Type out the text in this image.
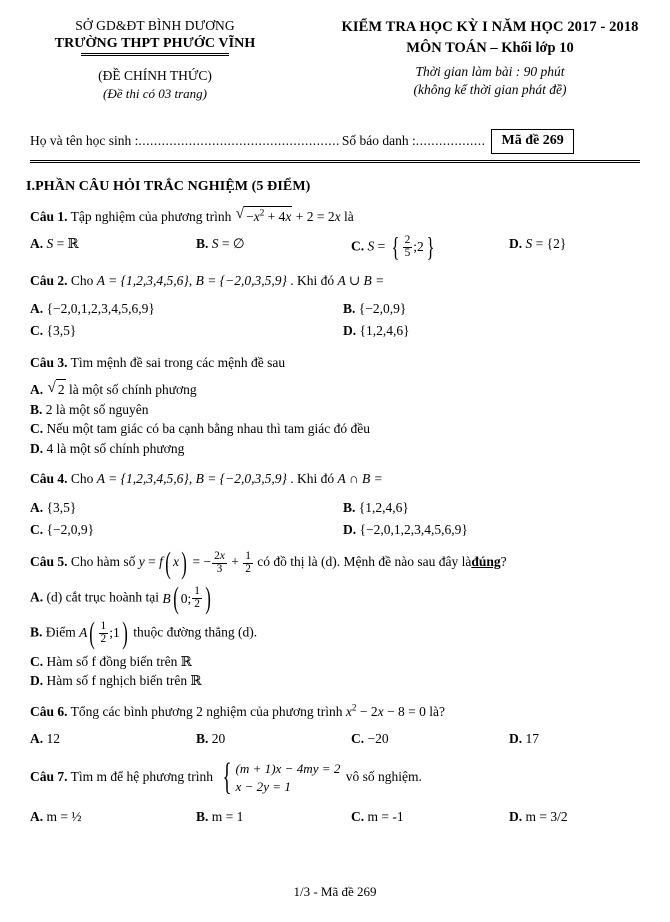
SỞ GD&ĐT BÌNH DƯƠNG
TRƯỜNG THPT PHƯỚC VĨNH
(ĐỀ CHÍNH THỨC)
(Đề thi có 03 trang)
KIỂM TRA HỌC KỲ I NĂM HỌC 2017 - 2018
MÔN TOÁN – Khối lớp 10
Thời gian làm bài : 90 phút
(không kể thời gian phát đề)
Họ và tên học sinh : .................................................... Số báo danh : ..................	Mã đề 269
I.PHẦN CÂU HỎI TRẮC NGHIỆM (5 ĐIỂM)
Câu 1. Tập nghiệm của phương trình √ $-x^2 + 4x + 2 = 2x$ là
A. S = ℝ	B. S = ∅	C. S = { $\frac{2}{5}$ ;2 }	D. S = {2}
Câu 2. Cho A = {1,2,3,4,5,6}, B = {−2,0,3,5,9} . Khi đó A ∪ B =
A. {−2,0,1,2,3,4,5,6,9}	B. {−2,0,9}
C. {3,5}	D. {1,2,4,6}
Câu 3. Tìm mệnh đề sai trong các mệnh đề sau
A. √ 2 là một số chính phương
B. 2 là một số nguyên
C. Nếu một tam giác có ba cạnh bằng nhau thì tam giác đó đều
D. 4 là một số chính phương
Câu 4. Cho A = {1,2,3,4,5,6}, B = {−2,0,3,5,9} . Khi đó A ∩ B =
A. {3,5}	B. {1,2,4,6}
C. {−2,0,9}	D. {−2,0,1,2,3,4,5,6,9}
Câu 5. Cho hàm số y = f( x) = − $\frac{2x}{3} + \frac{1}{2}$ có đồ thị là (d). Mệnh đề nào sau đây làđúng?
A. (d) cắt trục hoành tại B ( 0; $\frac{1}{2}$ )
B. Điểm A ( $\frac{1}{2}$ ;1 ) thuộc đường thẳng (d).
C. Hàm số f đồng biến trên ℝ
D. Hàm số f nghịch biến trên ℝ
Câu 6. Tổng các bình phương 2 nghiệm của phương trình $x^2 - 2x - 8 = 0$ là?
A. 12	B. 20	C. −20	D. 17
Câu 7. Tìm m để hệ phương trình { (m + 1)x − 4my = 2
x − 2y = 1
vô số nghiệm.
A. m = ½	B. m = 1	C. m = -1	D. m = 3/2
1/3 - Mã đề 269
